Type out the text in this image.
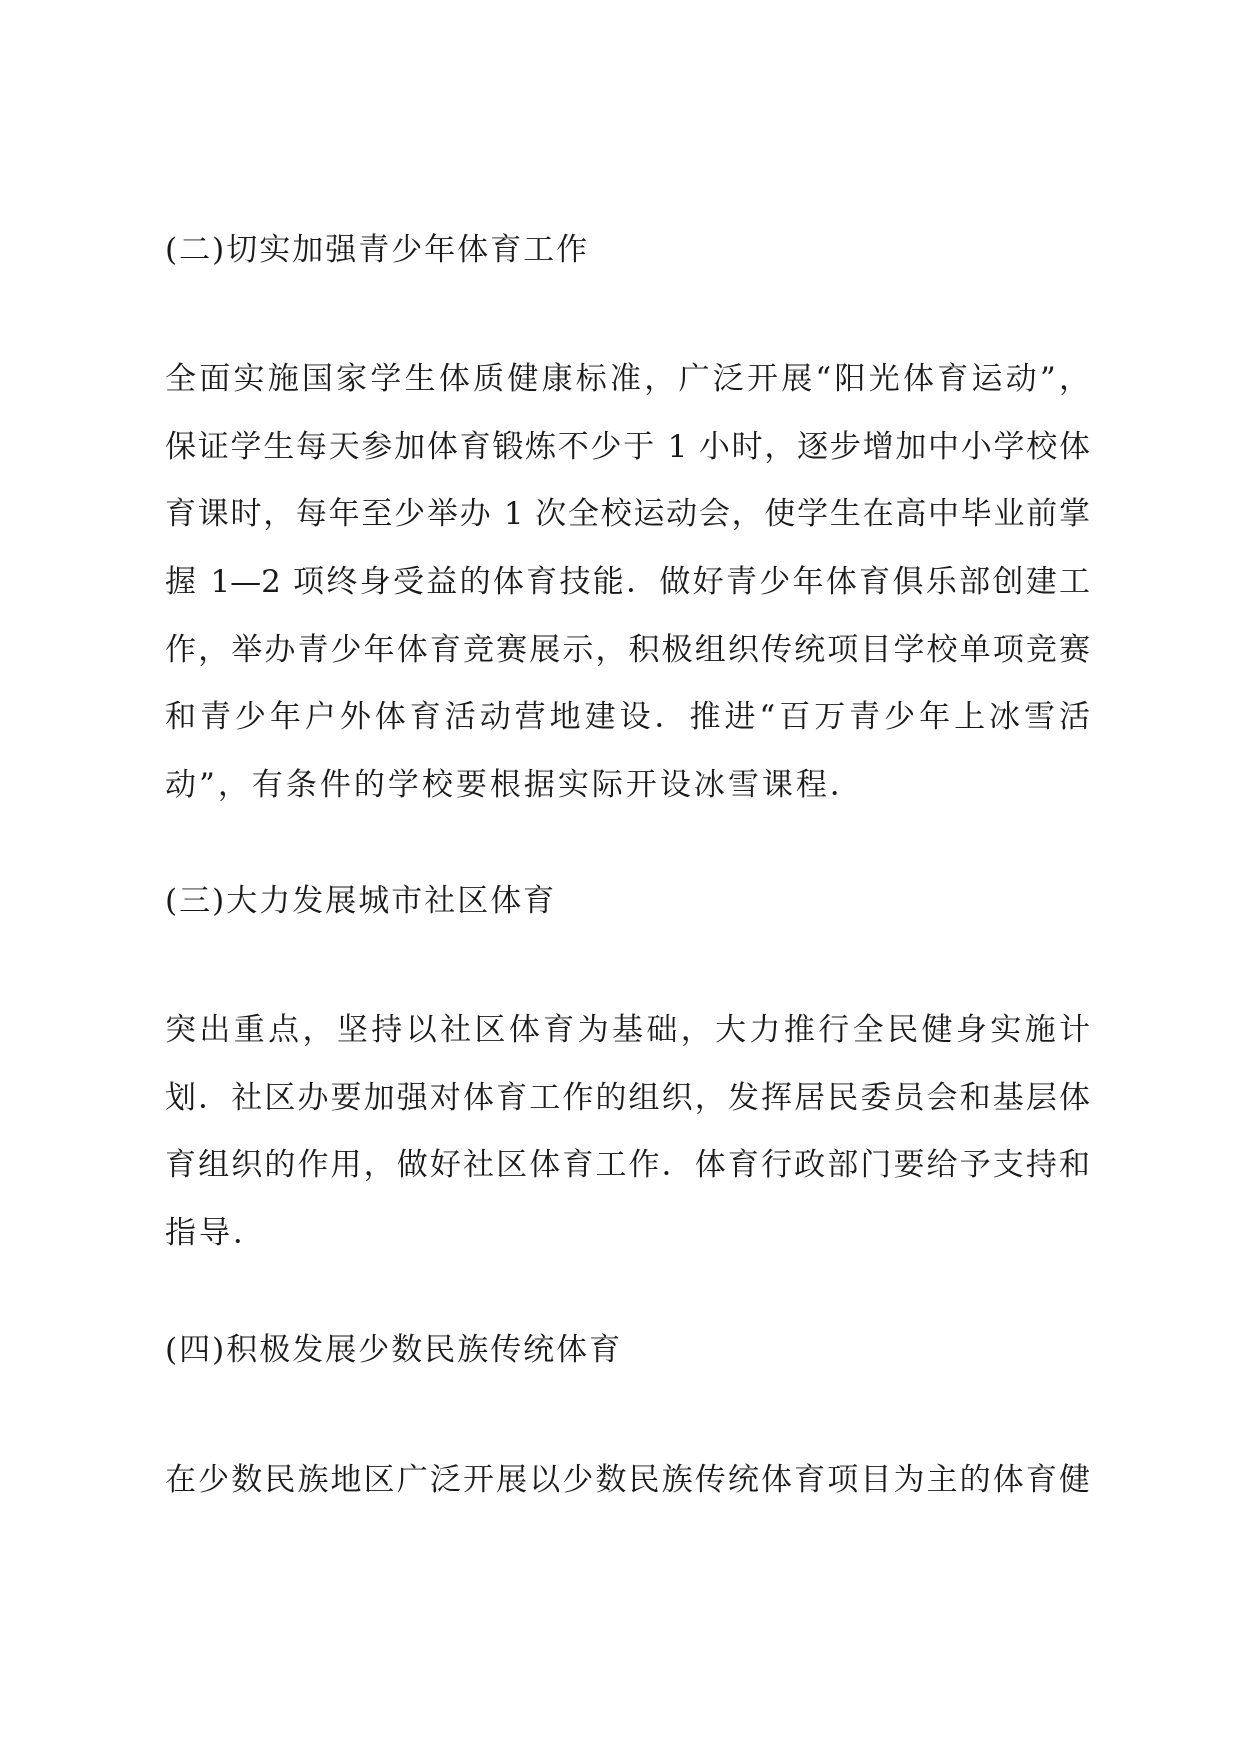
(二)切实加强青少年体育工作
全面实施国家学生体质健康标准，广泛开展“阳光体育运动”，
保证学生每天参加体育锻炼不少于 1 小时，逐步增加中小学校体
育课时，每年至少举办 1 次全校运动会，使学生在高中毕业前掌
握 1—2 项终身受益的体育技能．做好青少年体育俱乐部创建工
作，举办青少年体育竞赛展示，积极组织传统项目学校单项竞赛
和青少年户外体育活动营地建设．推进“百万青少年上冰雪活
动”，有条件的学校要根据实际开设冰雪课程．
(三)大力发展城市社区体育
突出重点，坚持以社区体育为基础，大力推行全民健身实施计
划．社区办要加强对体育工作的组织，发挥居民委员会和基层体
育组织的作用，做好社区体育工作．体育行政部门要给予支持和
指导．
(四)积极发展少数民族传统体育
在少数民族地区广泛开展以少数民族传统体育项目为主的体育健
